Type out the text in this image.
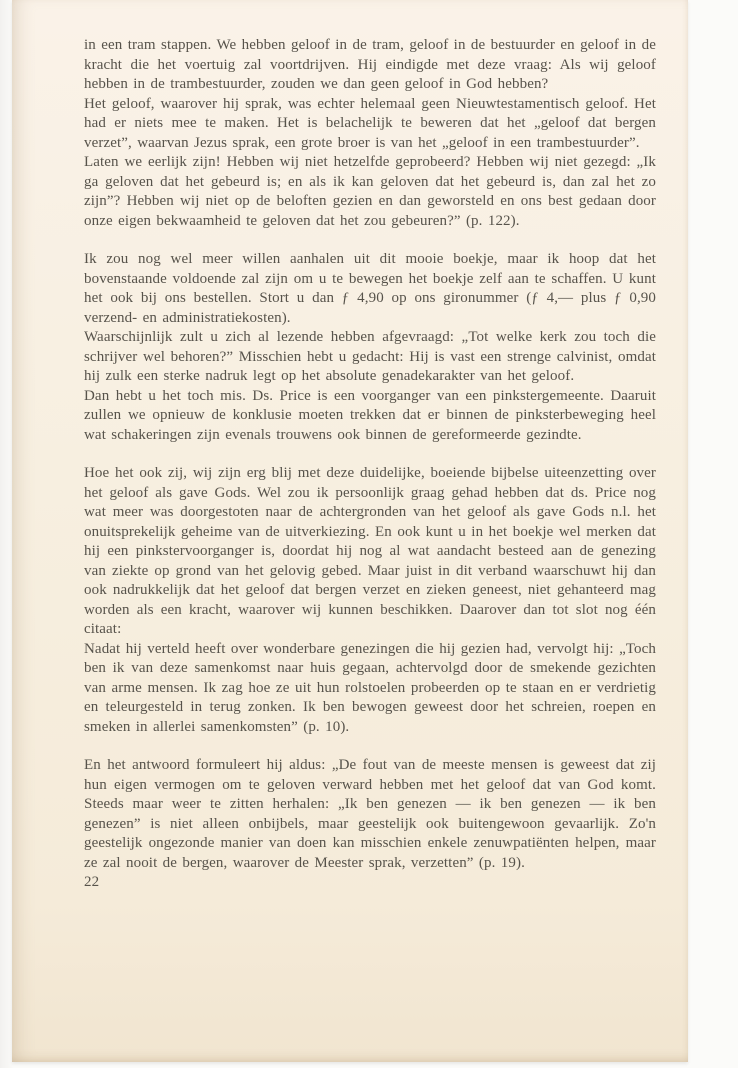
in een tram stappen. We hebben geloof in de tram, geloof in de bestuurder en geloof in de kracht die het voertuig zal voortdrijven. Hij eindigde met deze vraag: Als wij geloof hebben in de trambestuurder, zouden we dan geen geloof in God hebben?

Het geloof, waarover hij sprak, was echter helemaal geen Nieuwtestamentisch geloof. Het had er niets mee te maken. Het is belachelijk te beweren dat het „geloof dat bergen verzet”, waarvan Jezus sprak, een grote broer is van het „geloof in een trambestuurder”.

Laten we eerlijk zijn! Hebben wij niet hetzelfde geprobeerd? Hebben wij niet gezegd: „Ik ga geloven dat het gebeurd is; en als ik kan geloven dat het gebeurd is, dan zal het zo zijn”? Hebben wij niet op de beloften gezien en dan geworsteld en ons best gedaan door onze eigen bekwaamheid te geloven dat het zou gebeuren?” (p. 122).

Ik zou nog wel meer willen aanhalen uit dit mooie boekje, maar ik hoop dat het bovenstaande voldoende zal zijn om u te bewegen het boekje zelf aan te schaffen. U kunt het ook bij ons bestellen. Stort u dan ƒ 4,90 op ons gironummer (ƒ 4,— plus ƒ 0,90 verzend- en administratiekosten).

Waarschijnlijk zult u zich al lezende hebben afgevraagd: „Tot welke kerk zou toch die schrijver wel behoren?” Misschien hebt u gedacht: Hij is vast een strenge calvinist, omdat hij zulk een sterke nadruk legt op het absolute genadekarakter van het geloof.

Dan hebt u het toch mis. Ds. Price is een voorganger van een pinkstergemeente. Daaruit zullen we opnieuw de konklusie moeten trekken dat er binnen de pinksterbeweging heel wat schakeringen zijn evenals trouwens ook binnen de gereformeerde gezindte.

Hoe het ook zij, wij zijn erg blij met deze duidelijke, boeiende bijbelse uiteenzetting over het geloof als gave Gods. Wel zou ik persoonlijk graag gehad hebben dat ds. Price nog wat meer was doorgestoten naar de achtergronden van het geloof als gave Gods n.l. het onuitsprekelijk geheime van de uitverkiezing. En ook kunt u in het boekje wel merken dat hij een pinkstervoorganger is, doordat hij nog al wat aandacht besteed aan de genezing van ziekte op grond van het gelovig gebed. Maar juist in dit verband waarschuwt hij dan ook nadrukkelijk dat het geloof dat bergen verzet en zieken geneest, niet gehanteerd mag worden als een kracht, waarover wij kunnen beschikken. Daarover dan tot slot nog één citaat:

Nadat hij verteld heeft over wonderbare genezingen die hij gezien had, vervolgt hij: „Toch ben ik van deze samenkomst naar huis gegaan, achtervolgd door de smekende gezichten van arme mensen. Ik zag hoe ze uit hun rolstoelen probeerden op te staan en er verdrietig en teleurgesteld in terug zonken. Ik ben bewogen geweest door het schreien, roepen en smeken in allerlei samenkomsten” (p. 10).

En het antwoord formuleert hij aldus: „De fout van de meeste mensen is geweest dat zij hun eigen vermogen om te geloven verward hebben met het geloof dat van God komt. Steeds maar weer te zitten herhalen: „Ik ben genezen — ik ben genezen — ik ben genezen” is niet alleen onbijbels, maar geestelijk ook buitengewoon gevaarlijk. Zo'n geestelijk ongezonde manier van doen kan misschien enkele zenuwpatiënten helpen, maar ze zal nooit de bergen, waarover de Meester sprak, verzetten” (p. 19).

22
